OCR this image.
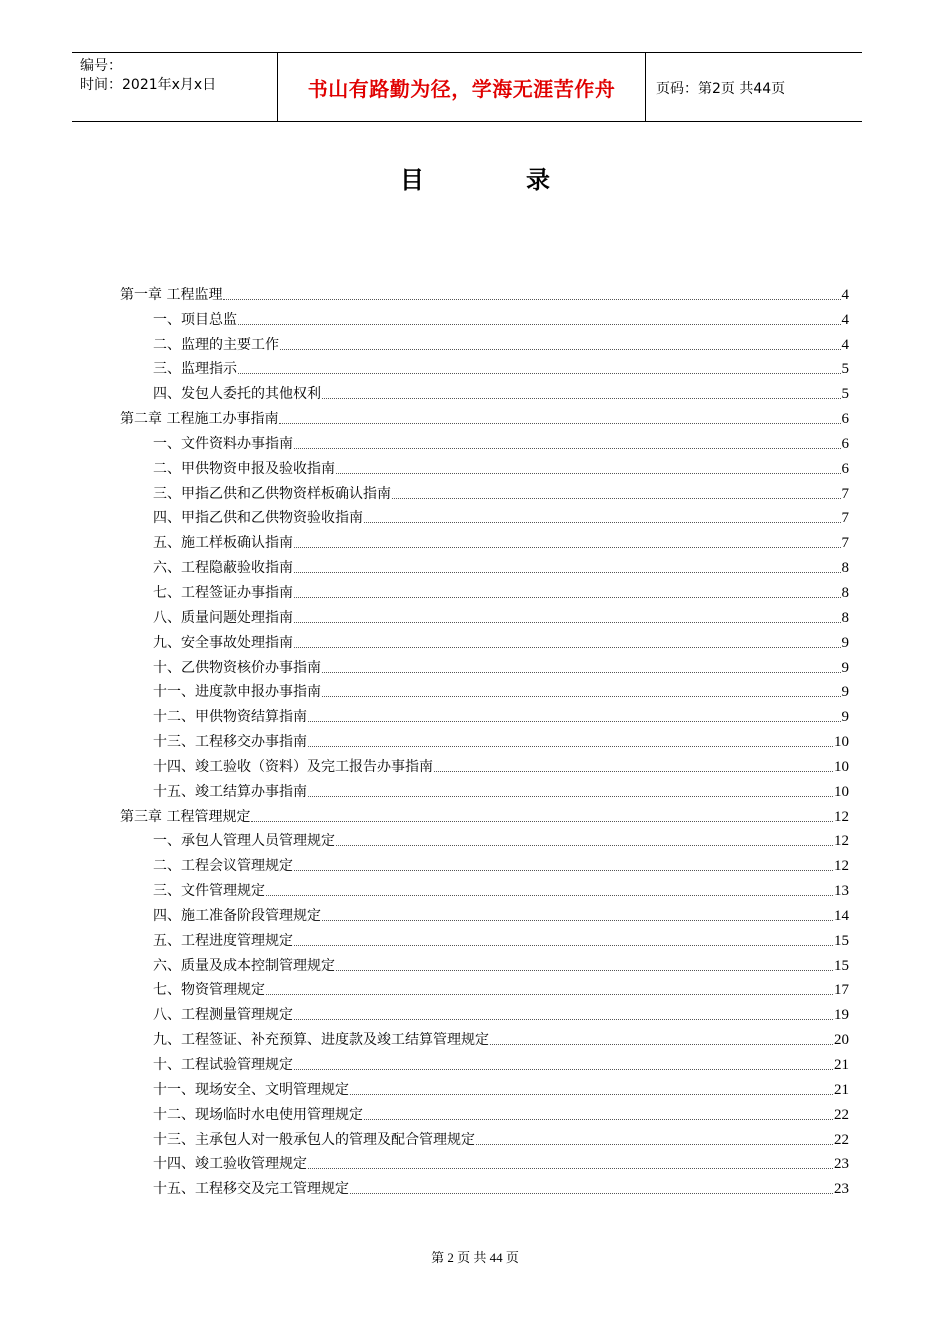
编号：
时间：2021年x月x日	书山有路勤为径，学海无涯苦作舟	页码：第2页 共44页
目	录
第一章 工程监理	4
一、项目总监	4
二、监理的主要工作	4
三、监理指示	5
四、发包人委托的其他权利	5
第二章 工程施工办事指南	6
一、文件资料办事指南	6
二、甲供物资申报及验收指南	6
三、甲指乙供和乙供物资样板确认指南	7
四、甲指乙供和乙供物资验收指南	7
五、施工样板确认指南	7
六、工程隐蔽验收指南	8
七、工程签证办事指南	8
八、质量问题处理指南	8
九、安全事故处理指南	9
十、乙供物资核价办事指南	9
十一、进度款申报办事指南	9
十二、甲供物资结算指南	9
十三、工程移交办事指南	10
十四、竣工验收（资料）及完工报告办事指南	10
十五、竣工结算办事指南	10
第三章 工程管理规定	12
一、承包人管理人员管理规定	12
二、工程会议管理规定	12
三、文件管理规定	13
四、施工准备阶段管理规定	14
五、工程进度管理规定	15
六、质量及成本控制管理规定	15
七、物资管理规定	17
八、工程测量管理规定	19
九、工程签证、补充预算、进度款及竣工结算管理规定	20
十、工程试验管理规定	21
十一、现场安全、文明管理规定	21
十二、现场临时水电使用管理规定	22
十三、主承包人对一般承包人的管理及配合管理规定	22
十四、竣工验收管理规定	23
十五、工程移交及完工管理规定	23
第 2 页 共 44 页
